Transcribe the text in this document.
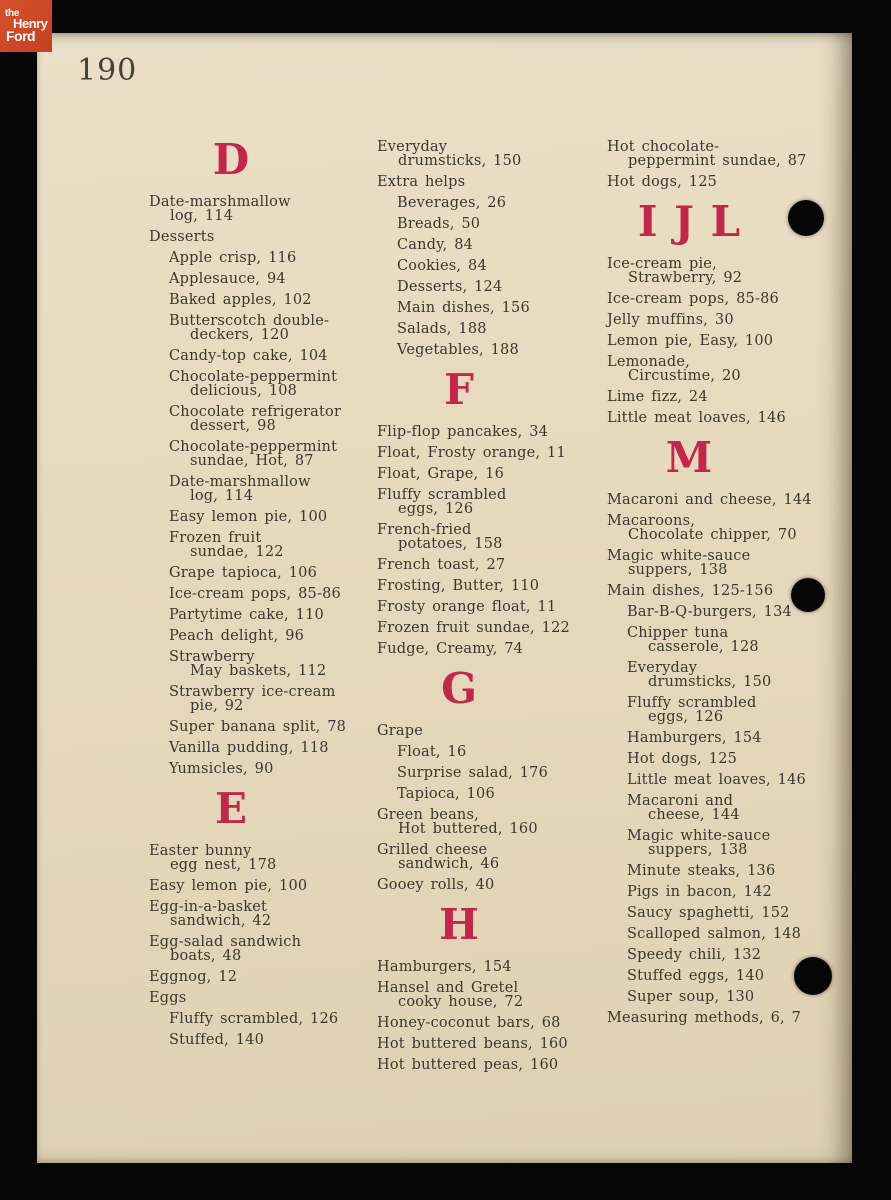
190
D
Date-marshmallow
log, 114
Desserts
Apple crisp, 116
Applesauce, 94
Baked apples, 102
Butterscotch double-
deckers, 120
Candy-top cake, 104
Chocolate-peppermint
delicious, 108
Chocolate refrigerator
dessert, 98
Chocolate-peppermint
sundae, Hot, 87
Date-marshmallow
log, 114
Easy lemon pie, 100
Frozen fruit
sundae, 122
Grape tapioca, 106
Ice-cream pops, 85-86
Partytime cake, 110
Peach delight, 96
Strawberry
May baskets, 112
Strawberry ice-cream
pie, 92
Super banana split, 78
Vanilla pudding, 118
Yumsicles, 90
E
Easter bunny
egg nest, 178
Easy lemon pie, 100
Egg-in-a-basket
sandwich, 42
Egg-salad sandwich
boats, 48
Eggnog, 12
Eggs
Fluffy scrambled, 126
Stuffed, 140
Everyday
drumsticks, 150
Extra helps
Beverages, 26
Breads, 50
Candy, 84
Cookies, 84
Desserts, 124
Main dishes, 156
Salads, 188
Vegetables, 188
F
Flip-flop pancakes, 34
Float, Frosty orange, 11
Float, Grape, 16
Fluffy scrambled
eggs, 126
French-fried
potatoes, 158
French toast, 27
Frosting, Butter, 110
Frosty orange float, 11
Frozen fruit sundae, 122
Fudge, Creamy, 74
G
Grape
Float, 16
Surprise salad, 176
Tapioca, 106
Green beans,
Hot buttered, 160
Grilled cheese
sandwich, 46
Gooey rolls, 40
H
Hamburgers, 154
Hansel and Gretel
cooky house, 72
Honey-coconut bars, 68
Hot buttered beans, 160
Hot buttered peas, 160
Hot chocolate-
peppermint sundae, 87
Hot dogs, 125
I J L
Ice-cream pie,
Strawberry, 92
Ice-cream pops, 85-86
Jelly muffins, 30
Lemon pie, Easy, 100
Lemonade,
Circustime, 20
Lime fizz, 24
Little meat loaves, 146
M
Macaroni and cheese, 144
Macaroons,
Chocolate chipper, 70
Magic white-sauce
suppers, 138
Main dishes, 125-156
Bar-B-Q-burgers, 134
Chipper tuna
casserole, 128
Everyday
drumsticks, 150
Fluffy scrambled
eggs, 126
Hamburgers, 154
Hot dogs, 125
Little meat loaves, 146
Macaroni and
cheese, 144
Magic white-sauce
suppers, 138
Minute steaks, 136
Pigs in bacon, 142
Saucy spaghetti, 152
Scalloped salmon, 148
Speedy chili, 132
Stuffed eggs, 140
Super soup, 130
Measuring methods, 6, 7
the
Henry
Ford
